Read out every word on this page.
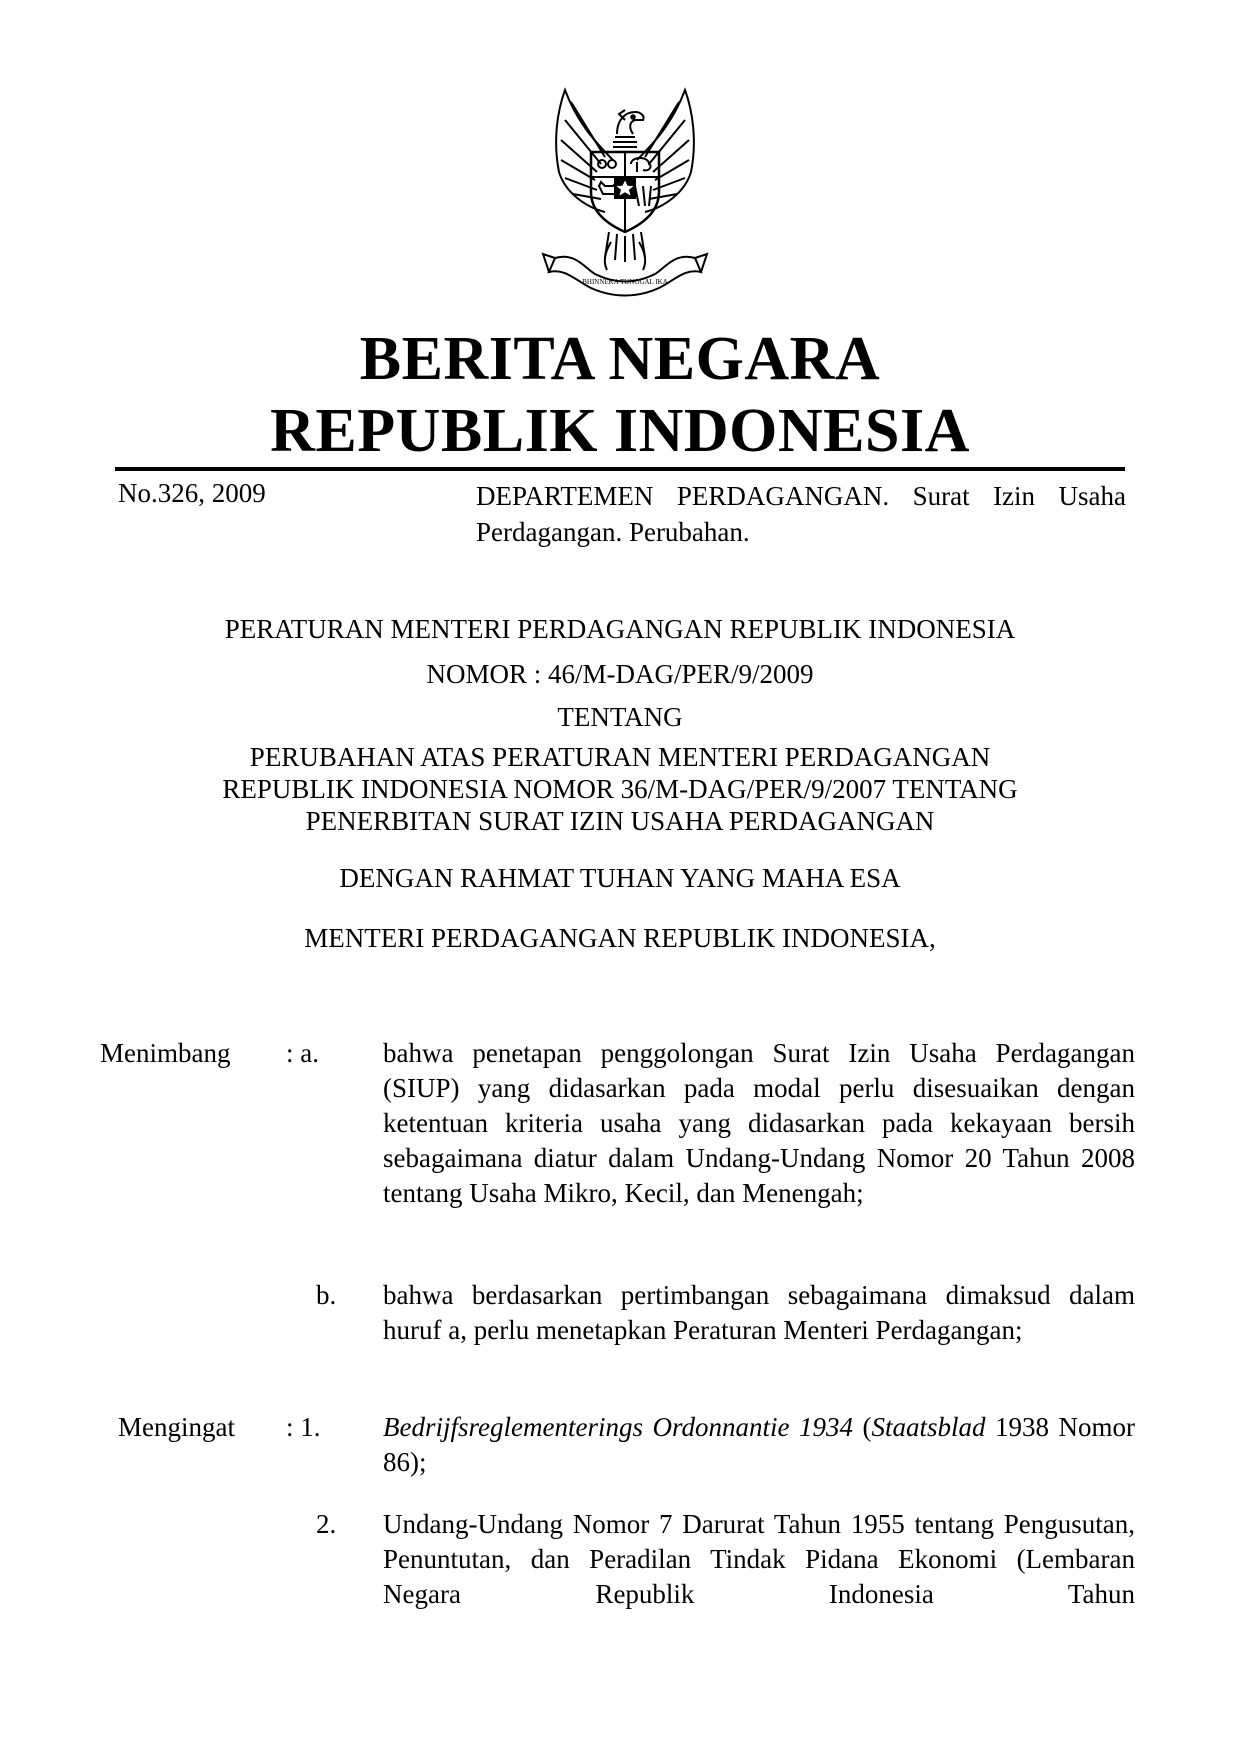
BHINNEKA TUNGGAL IKA
BERITA NEGARA
REPUBLIK INDONESIA
No.326, 2009	DEPARTEMEN PERDAGANGAN. Surat Izin Usaha Perdagangan. Perubahan.
PERATURAN MENTERI PERDAGANGAN REPUBLIK INDONESIA
NOMOR : 46/M-DAG/PER/9/2009
TENTANG
PERUBAHAN ATAS PERATURAN MENTERI PERDAGANGAN
REPUBLIK INDONESIA NOMOR 36/M-DAG/PER/9/2007 TENTANG
PENERBITAN SURAT IZIN USAHA PERDAGANGAN
DENGAN RAHMAT TUHAN YANG MAHA ESA
MENTERI PERDAGANGAN REPUBLIK INDONESIA,
Menimbang : a. bahwa penetapan penggolongan Surat Izin Usaha Perdagangan (SIUP) yang didasarkan pada modal perlu disesuaikan dengan ketentuan kriteria usaha yang didasarkan pada kekayaan bersih sebagaimana diatur dalam Undang-Undang Nomor 20 Tahun 2008 tentang Usaha Mikro, Kecil, dan Menengah;
b. bahwa berdasarkan pertimbangan sebagaimana dimaksud dalam huruf a, perlu menetapkan Peraturan Menteri Perdagangan;
Mengingat : 1. Bedrijfsreglementerings Ordonnantie 1934 (Staatsblad 1938 Nomor 86);
2. Undang-Undang Nomor 7 Darurat Tahun 1955 tentang Pengusutan, Penuntutan, dan Peradilan Tindak Pidana Ekonomi (Lembaran Negara Republik Indonesia Tahun
